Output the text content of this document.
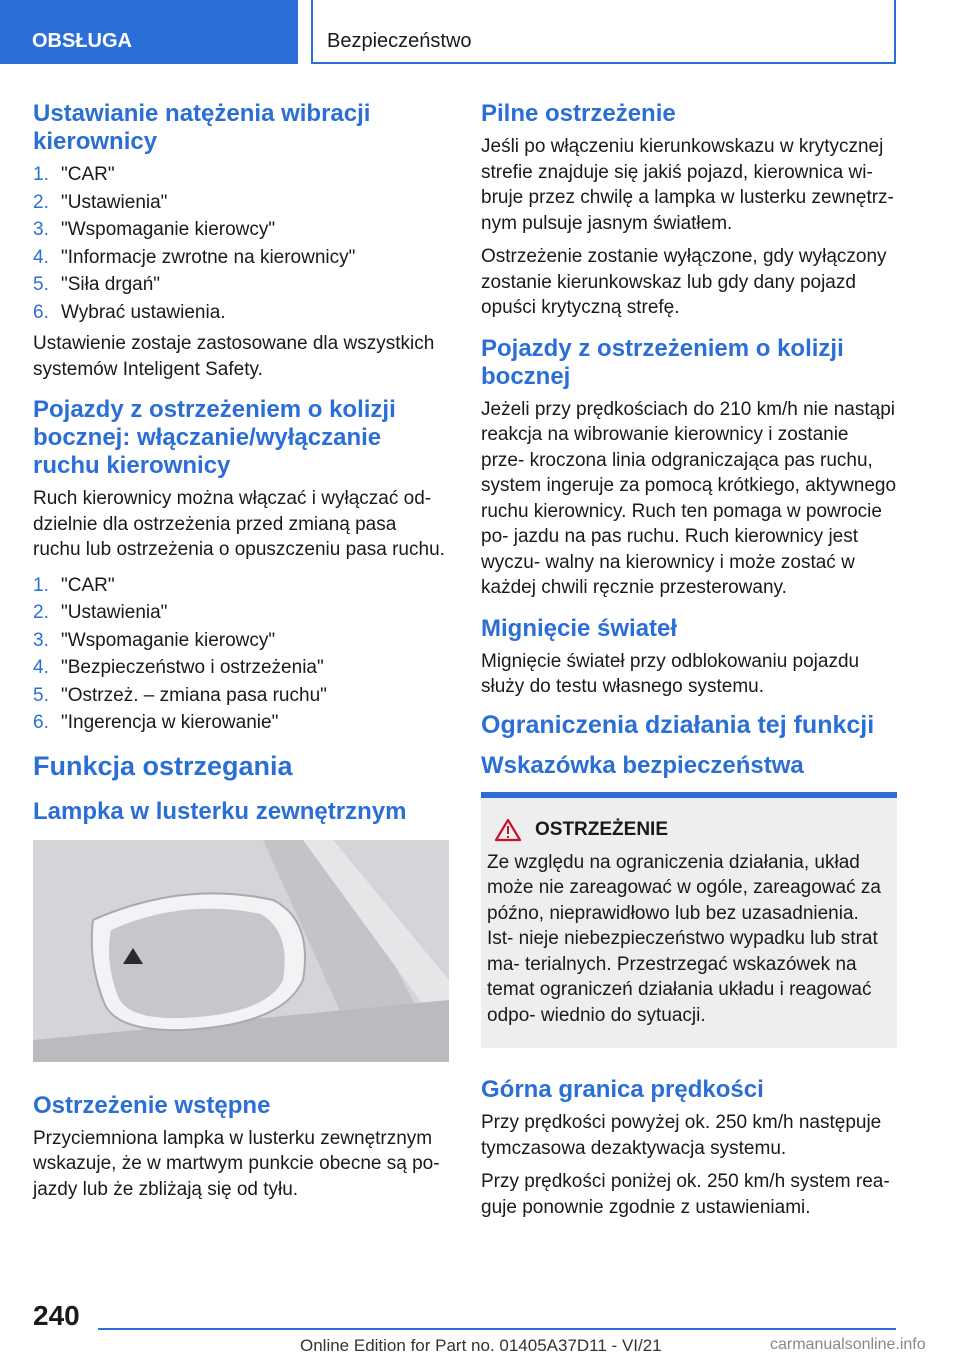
OBSŁUGA	Bezpieczeństwo
Ustawianie natężenia wibracji kierownicy
1. "CAR"
2. "Ustawienia"
3. "Wspomaganie kierowcy"
4. "Informacje zwrotne na kierownicy"
5. "Siła drgań"
6. Wybrać ustawienia.
Ustawienie zostaje zastosowane dla wszystkich systemów Inteligent Safety.
Pojazdy z ostrzeżeniem o kolizji bocznej: włączanie/wyłączanie ruchu kierownicy
Ruch kierownicy można włączać i wyłączać od- dzielnie dla ostrzeżenia przed zmianą pasa ruchu lub ostrzeżenia o opuszczeniu pasa ruchu.
1. "CAR"
2. "Ustawienia"
3. "Wspomaganie kierowcy"
4. "Bezpieczeństwo i ostrzeżenia"
5. "Ostrzeż. – zmiana pasa ruchu"
6. "Ingerencja w kierowanie"
Funkcja ostrzegania
Lampka w lusterku zewnętrznym
Ostrzeżenie wstępne
Przyciemniona lampka w lusterku zewnętrznym wskazuje, że w martwym punkcie obecne są po- jazdy lub że zbliżają się od tyłu.
Pilne ostrzeżenie
Jeśli po włączeniu kierunkowskazu w krytycznej strefie znajduje się jakiś pojazd, kierownica wi- bruje przez chwilę a lampka w lusterku zewnętrz- nym pulsuje jasnym światłem.
Ostrzeżenie zostanie wyłączone, gdy wyłączony zostanie kierunkowskaz lub gdy dany pojazd opuści krytyczną strefę.
Pojazdy z ostrzeżeniem o kolizji bocznej
Jeżeli przy prędkościach do 210 km/h nie nastąpi reakcja na wibrowanie kierownicy i zostanie prze- kroczona linia odgraniczająca pas ruchu, system ingeruje za pomocą krótkiego, aktywnego ruchu kierownicy. Ruch ten pomaga w powrocie po- jazdu na pas ruchu. Ruch kierownicy jest wyczu- walny na kierownicy i może zostać w każdej chwili ręcznie przesterowany.
Mignięcie świateł
Mignięcie świateł przy odblokowaniu pojazdu służy do testu własnego systemu.
Ograniczenia działania tej funkcji
Wskazówka bezpieczeństwa
OSTRZEŻENIE
Ze względu na ograniczenia działania, układ może nie zareagować w ogóle, zareagować za późno, nieprawidłowo lub bez uzasadnienia. Ist- nieje niebezpieczeństwo wypadku lub strat ma- terialnych. Przestrzegać wskazówek na temat ograniczeń działania układu i reagować odpo- wiednio do sytuacji.
Górna granica prędkości
Przy prędkości powyżej ok. 250 km/h następuje tymczasowa dezaktywacja systemu.
Przy prędkości poniżej ok. 250 km/h system rea- guje ponownie zgodnie z ustawieniami.
240
Online Edition for Part no. 01405A37D11 - VI/21	carmanualsonline.info
